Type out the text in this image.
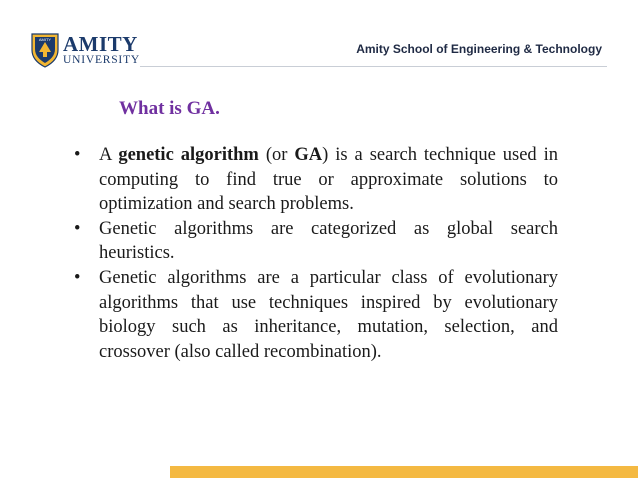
AMITY AMITY
UNIVERSITY
Amity School of Engineering & Technology
What is GA.
• A genetic algorithm (or GA) is a search technique used in computing to find true or approximate solutions to optimization and search problems.
• Genetic algorithms are categorized as global search heuristics.
• Genetic algorithms are a particular class of evolutionary algorithms that use techniques inspired by evolutionary biology such as inheritance, mutation, selection, and crossover (also called recombination).
